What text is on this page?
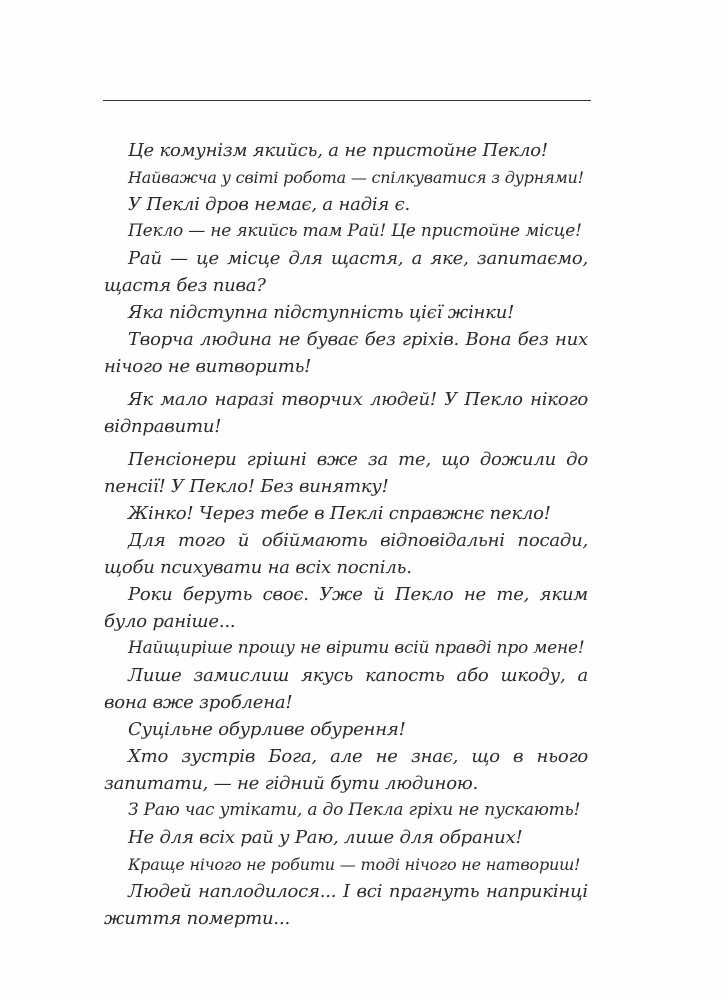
Це комунізм якийсь, а не пристойне Пекло!

Найважча у світі робота — спілкуватися з дурнями!

У Пеклі дров немає, а надія є.

Пекло — не якийсь там Рай! Це пристойне місце!

Рай — це місце для щастя, а яке, запитаємо, щастя без пива?

Яка підступна підступність цієї жінки!

Творча людина не буває без гріхів. Вона без них нічого не витворить!

Як мало наразі творчих людей! У Пекло нікого відправити!

Пенсіонери грішні вже за те, що дожили до пенсії! У Пекло! Без винятку!

Жінко! Через тебе в Пеклі справжнє пекло!

Для того й обіймають відповідальні посади, щоби психувати на всіх поспіль.

Роки беруть своє. Уже й Пекло не те, яким було раніше...

Найщиріше прошу не вірити всій правді про мене!

Лише замислиш якусь капость або шкоду, а вона вже зроблена!

Суцільне обурливе обурення!

Хто зустрів Бога, але не знає, що в нього запитати, — не гідний бути людиною.

З Раю час утікати, а до Пекла гріхи не пускають!

Не для всіх рай у Раю, лише для обраних!

Краще нічого не робити — тоді нічого не натвориш!

Людей наплодилося... І всі прагнуть наприкінці життя померти...
